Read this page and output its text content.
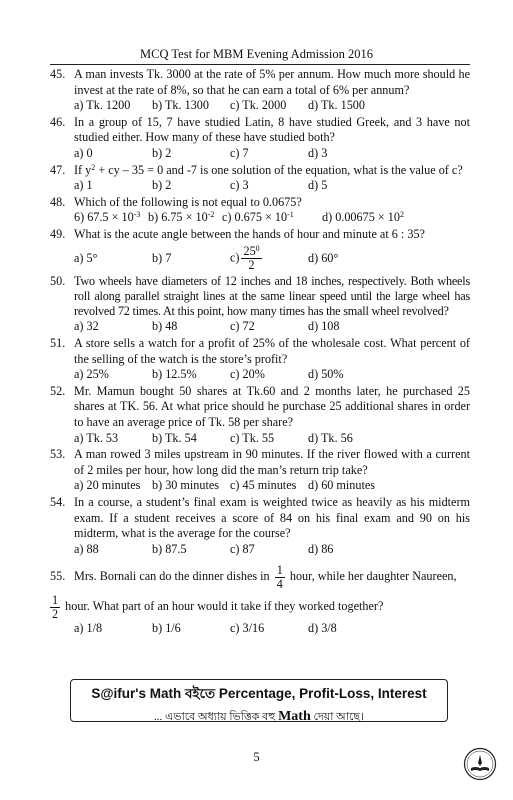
MCQ Test for MBM Evening Admission 2016
45. A man invests Tk. 3000 at the rate of 5% per annum. How much more should he invest at the rate of 8%, so that he can earn a total of 6% per annum?
a) Tk. 1200	b) Tk. 1300	c) Tk. 2000	d) Tk. 1500
46. In a group of 15, 7 have studied Latin, 8 have studied Greek, and 3 have not studied either. How many of these have studied both?
a) 0	b) 2	c) 7	d) 3
47. If $y^2$ + cy – 35 = 0 and -7 is one solution of the equation, what is the value of c?
a) 1	b) 2	c) 3	d) 5
48. Which of the following is not equal to 0.0675?
6) $67.5 \times 10^{-3}$ b) $6.75 \times 10^{-2}$ c) $0.675 \times 10^{-1}$	d) $0.00675 \times 10^2$
49. What is the acute angle between the hands of hour and minute at 6 : 35?
a) 5°	b) 7	$c) \frac{25^0}{2}$	d) 60°
50. Two wheels have diameters of 12 inches and 18 inches, respectively. Both wheels roll along parallel straight lines at the same linear speed until the large wheel has revolved 72 times. At this point, how many times has the small wheel revolved?
a) 32	b) 48	c) 72	d) 108
51. A store sells a watch for a profit of 25% of the wholesale cost. What percent of the selling of the watch is the store’s profit?
a) 25%	b) 12.5%	c) 20%	d) 50%
52. Mr. Mamun bought 50 shares at Tk.60 and 2 months later, he purchased 25 shares at TK. 56. At what price should he purchase 25 additional shares in order to have an average price of Tk. 58 per share?
a) Tk. 53	b) Tk. 54	c) Tk. 55	d) Tk. 56
53. A man rowed 3 miles upstream in 90 minutes. If the river flowed with a current of 2 miles per hour, how long did the man’s return trip take?
a) 20 minutes b) 30 minutes c) 45 minutes d) 60 minutes
54. In a course, a student’s final exam is weighted twice as heavily as his midterm exam. If a student receives a score of 84 on his final exam and 90 on his midterm, what is the average for the course?
a) 88	b) 87.5	c) 87	d) 86
55. Mrs. Bornali can do the dinner dishes in $\frac{1}{4}$ hour, while her daughter Naureen,
$\frac{1}{2}$ hour. What part of an hour would it take if they worked together?
a) 1/8	b) 1/6	c) 3/16	d) 3/8
S@ifur's Math বইতে Percentage, Profit-Loss, Interest
... এভাবে অধ্যায় ভিত্তিক বহু Math দেয়া আছে।
5
